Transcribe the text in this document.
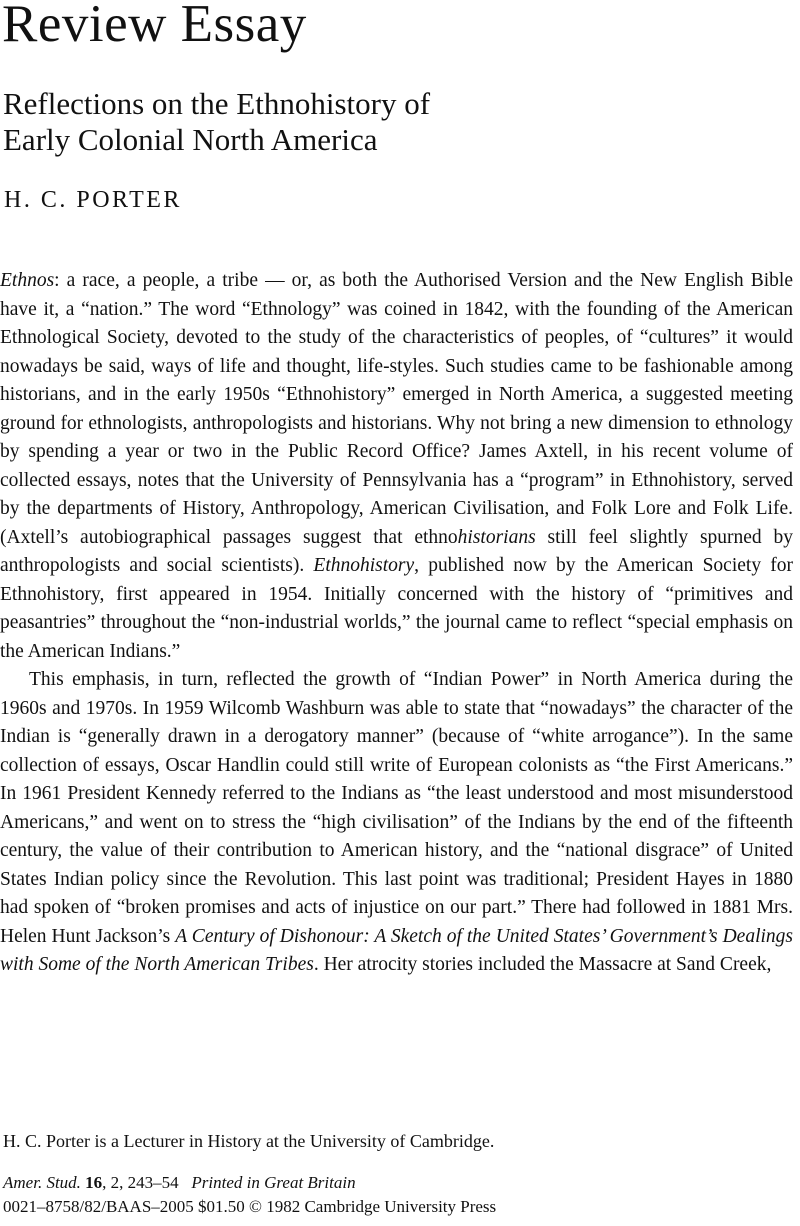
Review Essay
Reflections on the Ethnohistory of
Early Colonial North America
H. C. PORTER

Ethnos: a race, a people, a tribe — or, as both the Authorised Version and the New English Bible have it, a “nation.” The word “Ethnology” was coined in 1842, with the founding of the American Ethnological Society, devoted to the study of the characteristics of peoples, of “cultures” it would nowadays be said, ways of life and thought, life-styles. Such studies came to be fashionable among historians, and in the early 1950s “Ethnohistory” emerged in North America, a suggested meeting ground for ethnologists, anthropologists and historians. Why not bring a new dimension to ethnology by spending a year or two in the Public Record Office? James Axtell, in his recent volume of collected essays, notes that the University of Pennsylvania has a “program” in Ethnohistory, served by the departments of History, Anthropology, American Civilisation, and Folk Lore and Folk Life. (Axtell’s autobiographical passages suggest that ethnohistorians still feel slightly spurned by anthropologists and social scientists). Ethnohistory, published now by the American Society for Ethnohistory, first appeared in 1954. Initially concerned with the history of “primitives and peasantries” throughout the “non-industrial worlds,” the journal came to reflect “special emphasis on the American Indians.”

This emphasis, in turn, reflected the growth of “Indian Power” in North America during the 1960s and 1970s. In 1959 Wilcomb Washburn was able to state that “nowadays” the character of the Indian is “generally drawn in a derogatory manner” (because of “white arrogance”). In the same collection of essays, Oscar Handlin could still write of European colonists as “the First Americans.” In 1961 President Kennedy referred to the Indians as “the least understood and most misunderstood Americans,” and went on to stress the “high civilisation” of the Indians by the end of the fifteenth century, the value of their contribution to American history, and the “national disgrace” of United States Indian policy since the Revolution. This last point was traditional; President Hayes in 1880 had spoken of “broken promises and acts of injustice on our part.” There had followed in 1881 Mrs. Helen Hunt Jackson’s A Century of Dishonour: A Sketch of the United States’ Government’s Dealings with Some of the North American Tribes. Her atrocity stories included the Massacre at Sand Creek,

H. C. Porter is a Lecturer in History at the University of Cambridge.
Amer. Stud. 16, 2, 243–54 Printed in Great Britain
0021–8758/82/BAAS–2005 $01.50 © 1982 Cambridge University Press
